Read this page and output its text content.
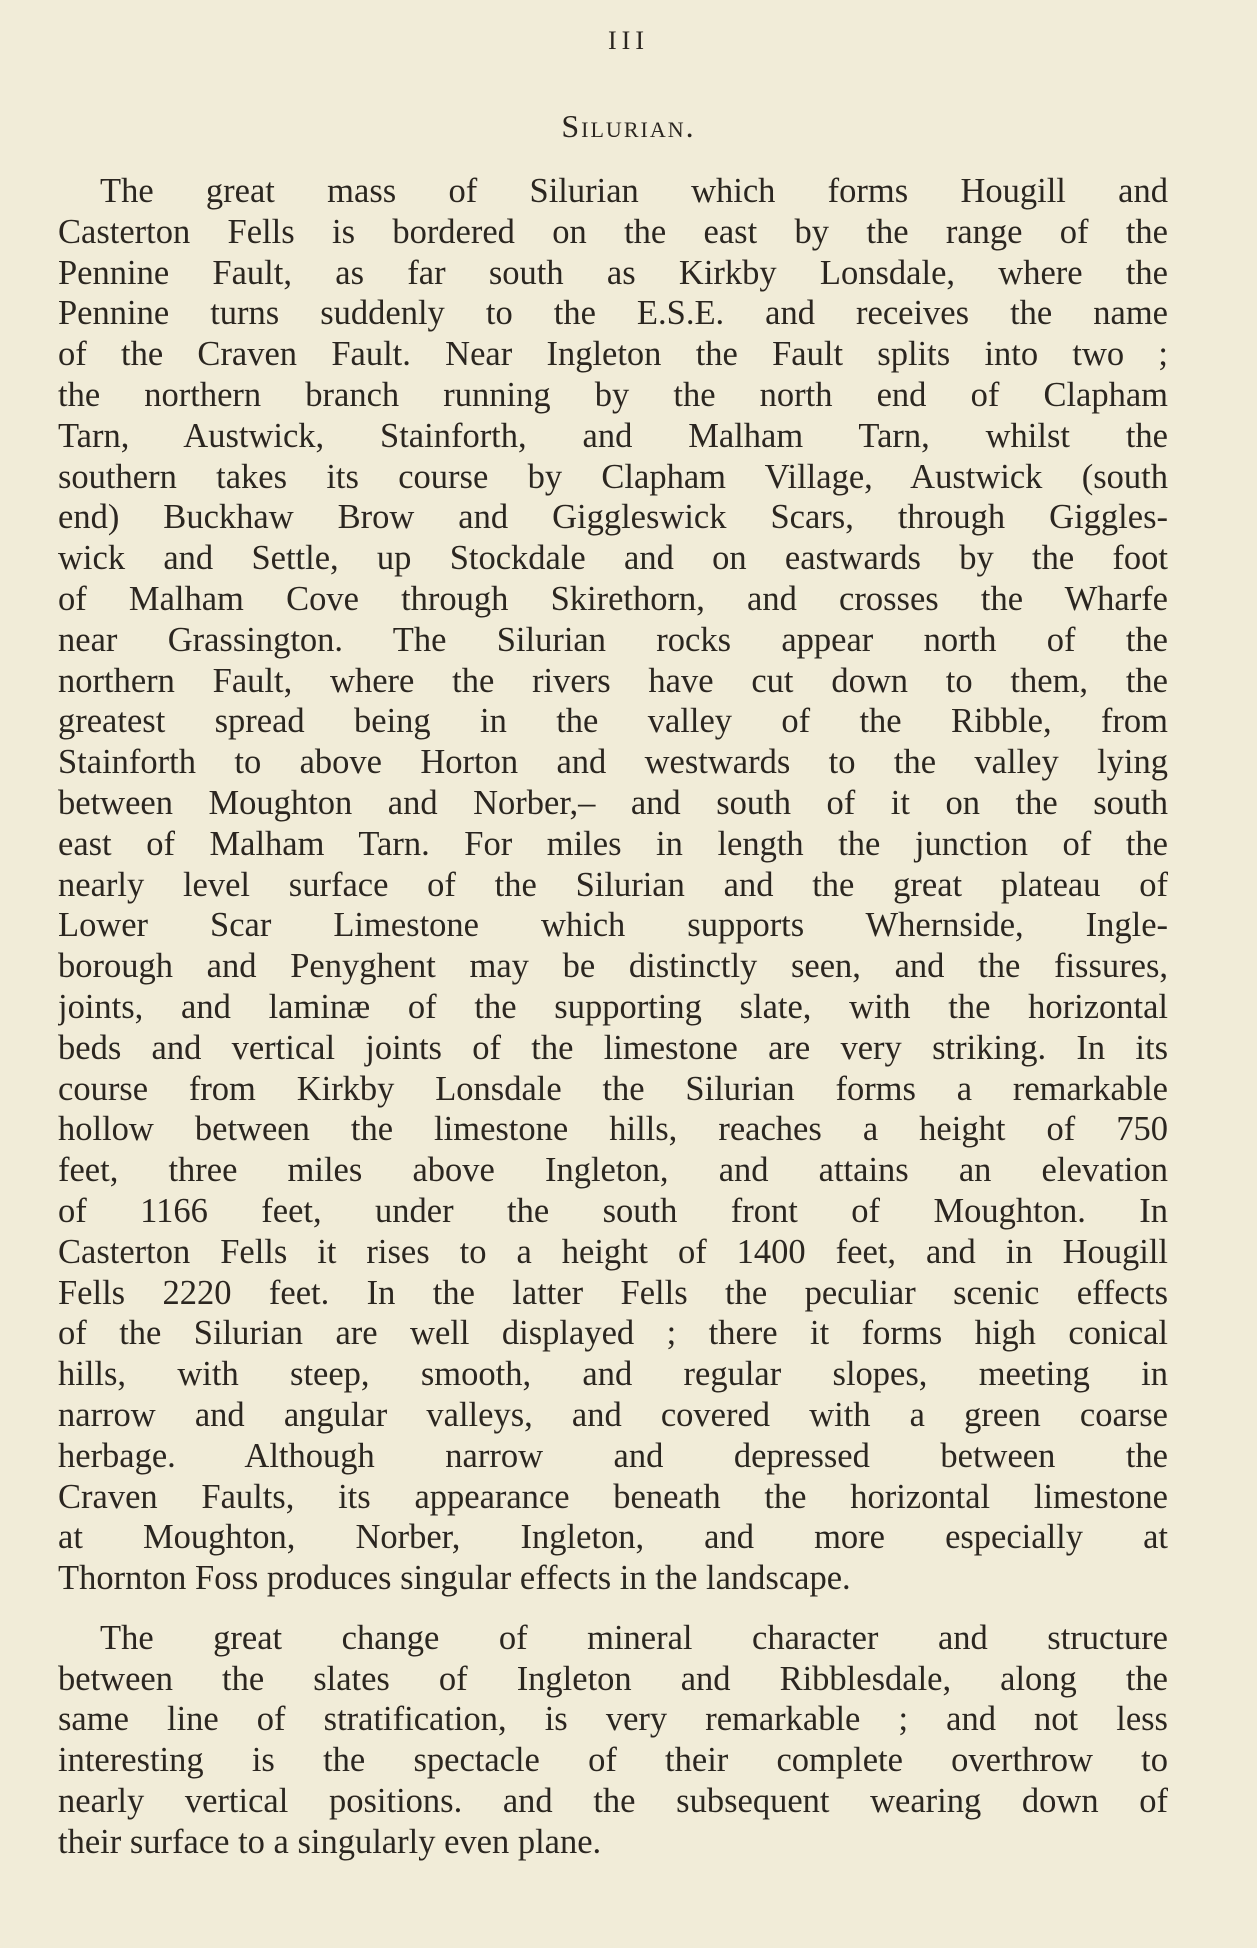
III
Silurian.
The great mass of Silurian which forms Hougill and
Casterton Fells is bordered on the east by the range of the
Pennine Fault, as far south as Kirkby Lonsdale, where the
Pennine turns suddenly to the E.S.E. and receives the name
of the Craven Fault. Near Ingleton the Fault splits into two ;
the northern branch running by the north end of Clapham
Tarn, Austwick, Stainforth, and Malham Tarn, whilst the
southern takes its course by Clapham Village, Austwick (south
end) Buckhaw Brow and Giggleswick Scars, through Giggles-
wick and Settle, up Stockdale and on eastwards by the foot
of Malham Cove through Skirethorn, and crosses the Wharfe
near Grassington. The Silurian rocks appear north of the
northern Fault, where the rivers have cut down to them, the
greatest spread being in the valley of the Ribble, from
Stainforth to above Horton and westwards to the valley lying
between Moughton and Norber,– and south of it on the south
east of Malham Tarn. For miles in length the junction of the
nearly level surface of the Silurian and the great plateau of
Lower Scar Limestone which supports Whernside, Ingle-
borough and Penyghent may be distinctly seen, and the fissures,
joints, and laminæ of the supporting slate, with the horizontal
beds and vertical joints of the limestone are very striking. In its
course from Kirkby Lonsdale the Silurian forms a remarkable
hollow between the limestone hills, reaches a height of 750
feet, three miles above Ingleton, and attains an elevation
of 1166 feet, under the south front of Moughton. In
Casterton Fells it rises to a height of 1400 feet, and in Hougill
Fells 2220 feet. In the latter Fells the peculiar scenic effects
of the Silurian are well displayed ; there it forms high conical
hills, with steep, smooth, and regular slopes, meeting in
narrow and angular valleys, and covered with a green coarse
herbage. Although narrow and depressed between the
Craven Faults, its appearance beneath the horizontal limestone
at Moughton, Norber, Ingleton, and more especially at
Thornton Foss produces singular effects in the landscape.
The great change of mineral character and structure
between the slates of Ingleton and Ribblesdale, along the
same line of stratification, is very remarkable ; and not less
interesting is the spectacle of their complete overthrow to
nearly vertical positions. and the subsequent wearing down of
their surface to a singularly even plane.
